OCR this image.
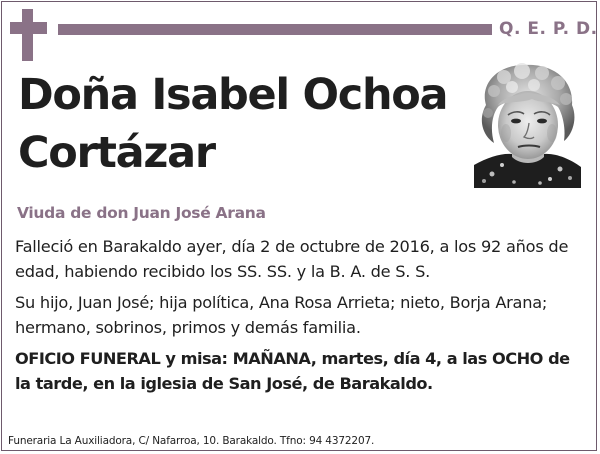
Q. E. P. D.
Doña Isabel Ochoa Cortázar

Viuda de don Juan José Arana

Falleció en Barakaldo ayer, día 2 de octubre de 2016, a los 92 años de edad, habiendo recibido los SS. SS. y la B. A. de S. S.

Su hijo, Juan José; hija política, Ana Rosa Arrieta; nieto, Borja Arana; hermano, sobrinos, primos y demás familia.

OFICIO FUNERAL y misa: MAÑANA, martes, día 4, a las OCHO de la tarde, en la iglesia de San José, de Barakaldo.

Funeraria La Auxiliadora, C/ Nafarroa, 10. Barakaldo. Tfno: 94 4372207.
